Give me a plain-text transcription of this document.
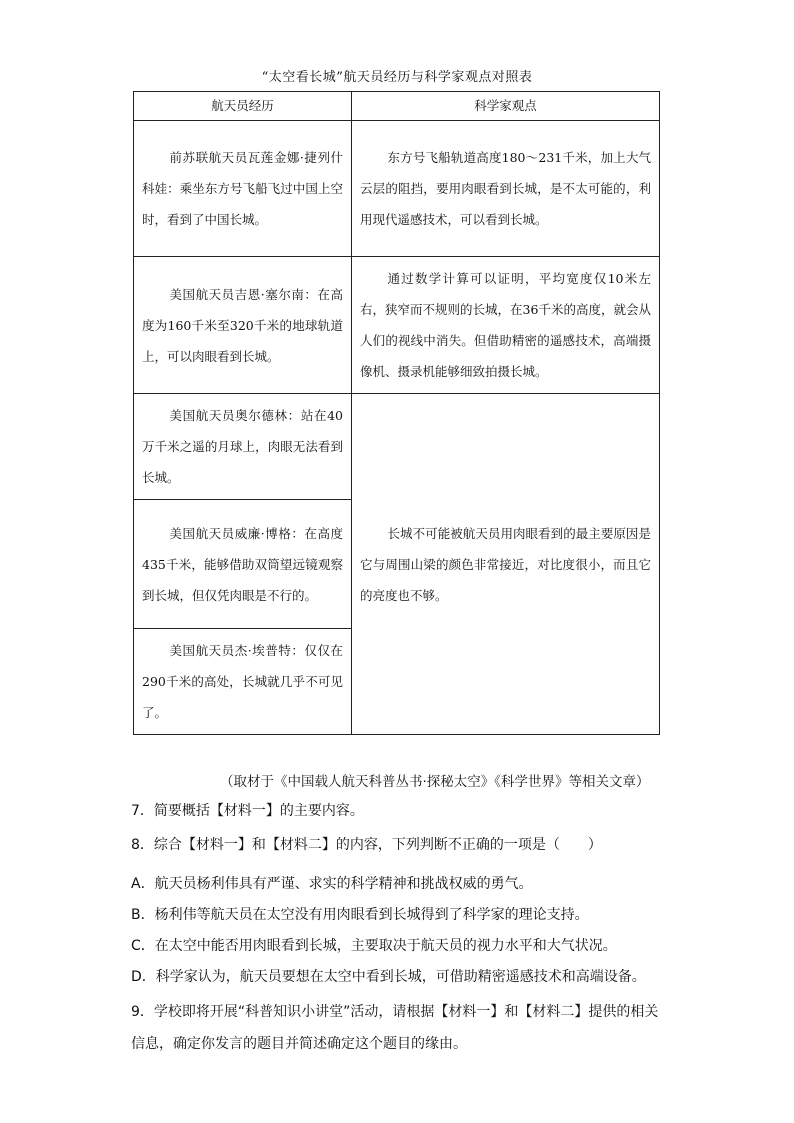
“太空看长城”航天员经历与科学家观点对照表
航天员经历	科学家观点

前苏联航天员瓦莲金娜·捷列什科娃：乘坐东方号飞船飞过中国上空时，看到了中国长城。	东方号飞船轨道高度180～231千米，加上大气云层的阻挡，要用肉眼看到长城，是不太可能的，利用现代遥感技术，可以看到长城。

美国航天员吉恩·塞尔南：在高度为160千米至320千米的地球轨道上，可以肉眼看到长城。	通过数学计算可以证明，平均宽度仅10米左右，狭窄而不规则的长城，在36千米的高度，就会从人们的视线中消失。但借助精密的遥感技术，高端摄像机、摄录机能够细致拍摄长城。

美国航天员奥尔德林：站在40万千米之遥的月球上，肉眼无法看到长城。	长城不可能被航天员用肉眼看到的最主要原因是它与周围山梁的颜色非常接近，对比度很小，而且它的亮度也不够。

美国航天员威廉·博格：在高度435千米，能够借助双筒望远镜观察到长城，但仅凭肉眼是不行的。	

美国航天员杰·埃普特：仅仅在290千米的高处，长城就几乎不可见了。	
（取材于《中国载人航天科普丛书·探秘太空》《科学世界》等相关文章）
7．简要概括【材料一】的主要内容。
8．综合【材料一】和【材料二】的内容，下列判断不正确的一项是（　　）
A．航天员杨利伟具有严谨、求实的科学精神和挑战权威的勇气。
B．杨利伟等航天员在太空没有用肉眼看到长城得到了科学家的理论支持。
C．在太空中能否用肉眼看到长城，主要取决于航天员的视力水平和大气状况。
D．科学家认为，航天员要想在太空中看到长城，可借助精密遥感技术和高端设备。
9．学校即将开展“科普知识小讲堂”活动，请根据【材料一】和【材料二】提供的相关信息，确定你发言的题目并简述确定这个题目的缘由。
